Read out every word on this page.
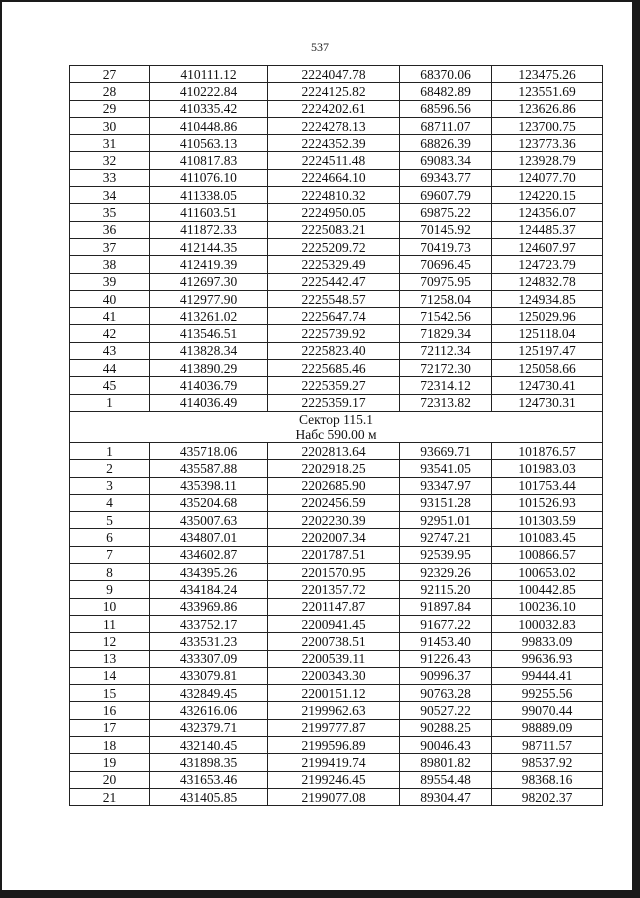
537
27	410111.12	2224047.78	68370.06	123475.26
28	410222.84	2224125.82	68482.89	123551.69
29	410335.42	2224202.61	68596.56	123626.86
30	410448.86	2224278.13	68711.07	123700.75
31	410563.13	2224352.39	68826.39	123773.36
32	410817.83	2224511.48	69083.34	123928.79
33	411076.10	2224664.10	69343.77	124077.70
34	411338.05	2224810.32	69607.79	124220.15
35	411603.51	2224950.05	69875.22	124356.07
36	411872.33	2225083.21	70145.92	124485.37
37	412144.35	2225209.72	70419.73	124607.97
38	412419.39	2225329.49	70696.45	124723.79
39	412697.30	2225442.47	70975.95	124832.78
40	412977.90	2225548.57	71258.04	124934.85
41	413261.02	2225647.74	71542.56	125029.96
42	413546.51	2225739.92	71829.34	125118.04
43	413828.34	2225823.40	72112.34	125197.47
44	413890.29	2225685.46	72172.30	125058.66
45	414036.79	2225359.27	72314.12	124730.41
1	414036.49	2225359.17	72313.82	124730.31

Сектор 115.1
Набс 590.00 м				

1	435718.06	2202813.64	93669.71	101876.57
2	435587.88	2202918.25	93541.05	101983.03
3	435398.11	2202685.90	93347.97	101753.44
4	435204.68	2202456.59	93151.28	101526.93
5	435007.63	2202230.39	92951.01	101303.59
6	434807.01	2202007.34	92747.21	101083.45
7	434602.87	2201787.51	92539.95	100866.57
8	434395.26	2201570.95	92329.26	100653.02
9	434184.24	2201357.72	92115.20	100442.85
10	433969.86	2201147.87	91897.84	100236.10
11	433752.17	2200941.45	91677.22	100032.83
12	433531.23	2200738.51	91453.40	99833.09
13	433307.09	2200539.11	91226.43	99636.93
14	433079.81	2200343.30	90996.37	99444.41
15	432849.45	2200151.12	90763.28	99255.56
16	432616.06	2199962.63	90527.22	99070.44
17	432379.71	2199777.87	90288.25	98889.09
18	432140.45	2199596.89	90046.43	98711.57
19	431898.35	2199419.74	89801.82	98537.92
20	431653.46	2199246.45	89554.48	98368.16
21	431405.85	2199077.08	89304.47	98202.37
